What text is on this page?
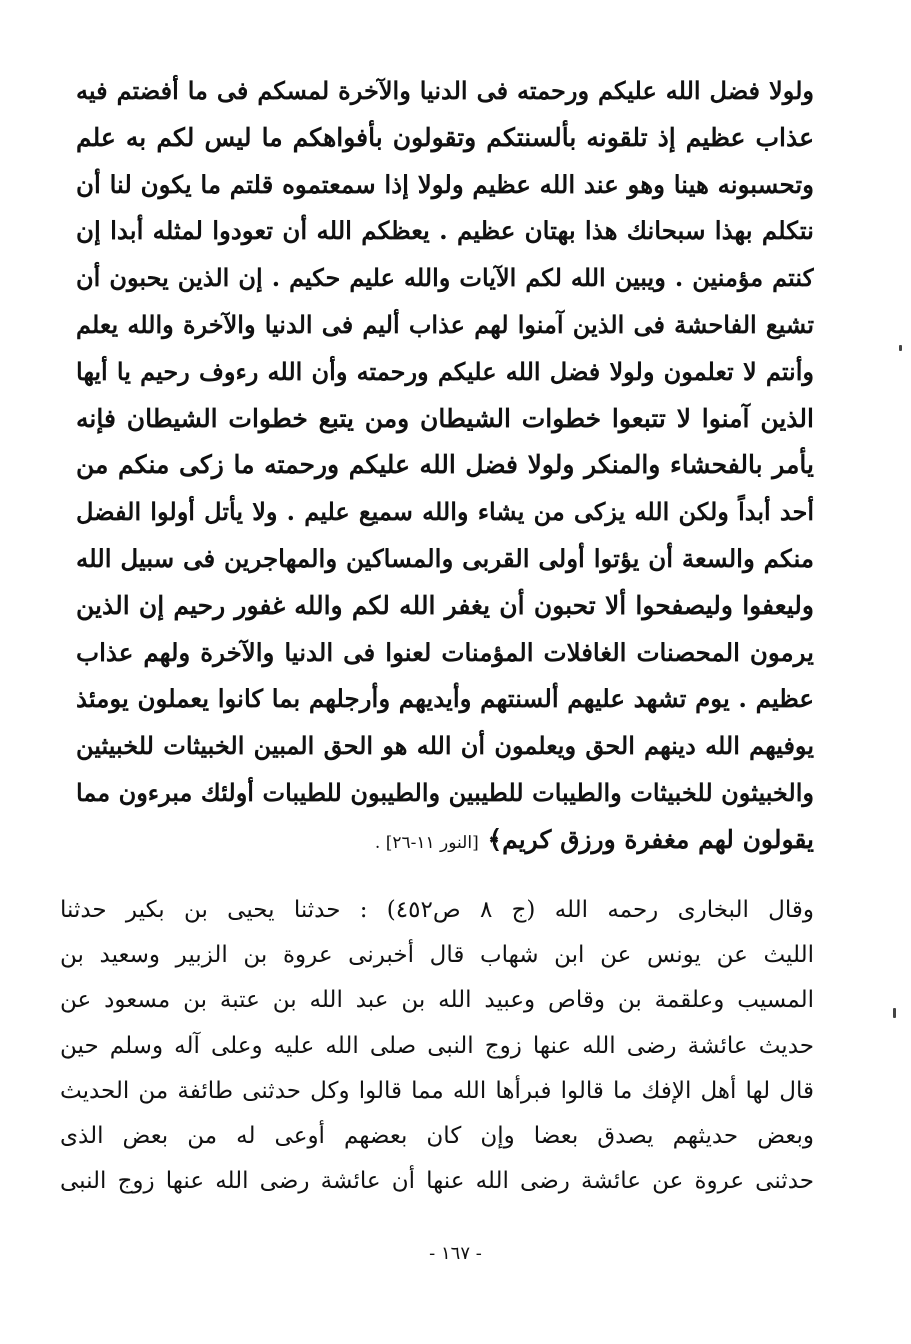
ولولا فضل الله عليكم ورحمته فى الدنيا والآخرة لمسكم فى ما أفضتم فيه
عذاب عظيم إذ تلقونه بألسنتكم وتقولون بأفواهكم ما ليس لكم به علم
وتحسبونه هينا وهو عند الله عظيم ولولا إذا سمعتموه قلتم ما يكون لنا أن
نتكلم بهذا سبحانك هذا بهتان عظيم . يعظكم الله أن تعودوا لمثله أبدا إن
كنتم مؤمنين . ويبين الله لكم الآيات والله عليم حكيم . إن الذين يحبون أن
تشيع الفاحشة فى الذين آمنوا لهم عذاب أليم فى الدنيا والآخرة والله يعلم
وأنتم لا تعلمون ولولا فضل الله عليكم ورحمته وأن الله رءوف رحيم يا أيها
الذين آمنوا لا تتبعوا خطوات الشيطان ومن يتبع خطوات الشيطان فإنه
يأمر بالفحشاء والمنكر ولولا فضل الله عليكم ورحمته ما زكى منكم من
أحد أبداً ولكن الله يزكى من يشاء والله سميع عليم . ولا يأتل أولوا الفضل
منكم والسعة أن يؤتوا أولى القربى والمساكين والمهاجرين فى سبيل الله
وليعفوا وليصفحوا ألا تحبون أن يغفر الله لكم والله غفور رحيم إن الذين
يرمون المحصنات الغافلات المؤمنات لعنوا فى الدنيا والآخرة ولهم عذاب
عظيم . يوم تشهد عليهم ألسنتهم وأيديهم وأرجلهم بما كانوا يعملون يومئذ
يوفيهم الله دينهم الحق ويعلمون أن الله هو الحق المبين الخبيثات للخبيثين
والخبيثون للخبيثات والطيبات للطيبين والطيبون للطيبات أولئك مبرءون مما
يقولون لهم مغفرة ورزق كريم﴾ [النور ١١-٢٦] .
وقال البخارى رحمه الله (ج ٨ ص٤٥٢) : حدثنا يحيى بن بكير حدثنا
الليث عن يونس عن ابن شهاب قال أخبرنى عروة بن الزبير وسعيد بن
المسيب وعلقمة بن وقاص وعبيد الله بن عبد الله بن عتبة بن مسعود عن
حديث عائشة رضى الله عنها زوج النبى صلى الله عليه وعلى آله وسلم حين
قال لها أهل الإفك ما قالوا فبرأها الله مما قالوا وكل حدثنى طائفة من الحديث
وبعض حديثهم يصدق بعضا وإن كان بعضهم أوعى له من بعض الذى
حدثنى عروة عن عائشة رضى الله عنها أن عائشة رضى الله عنها زوج النبى
- ١٦٧ -
